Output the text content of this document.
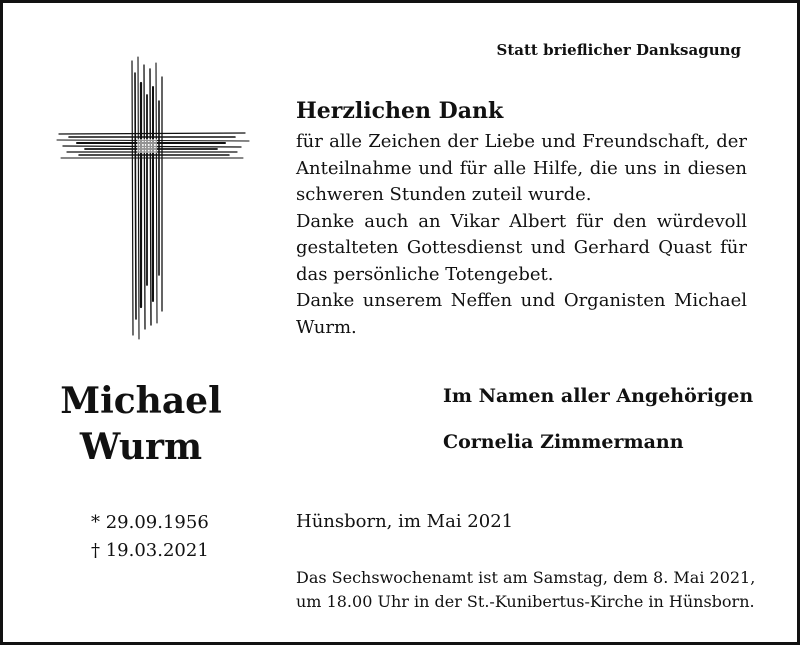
Statt brieflicher Danksagung
Herzlichen Dank

für alle Zeichen der Liebe und Freundschaft, der Anteilnahme und für alle Hilfe, die uns in diesen schweren Stunden zuteil wurde.

Danke auch an Vikar Albert für den würdevoll gestalteten Gottesdienst und Gerhard Quast für das persönliche Totengebet.

Danke unserem Neffen und Organisten Michael Wurm.

Michael
Wurm
Im Namen aller Angehörigen
Cornelia Zimmermann
* 29.09.1956
† 19.03.2021
Hünsborn, im Mai 2021
Das Sechswochenamt ist am Samstag, dem 8. Mai 2021,
um 18.00 Uhr in der St.-Kunibertus-Kirche in Hünsborn.
